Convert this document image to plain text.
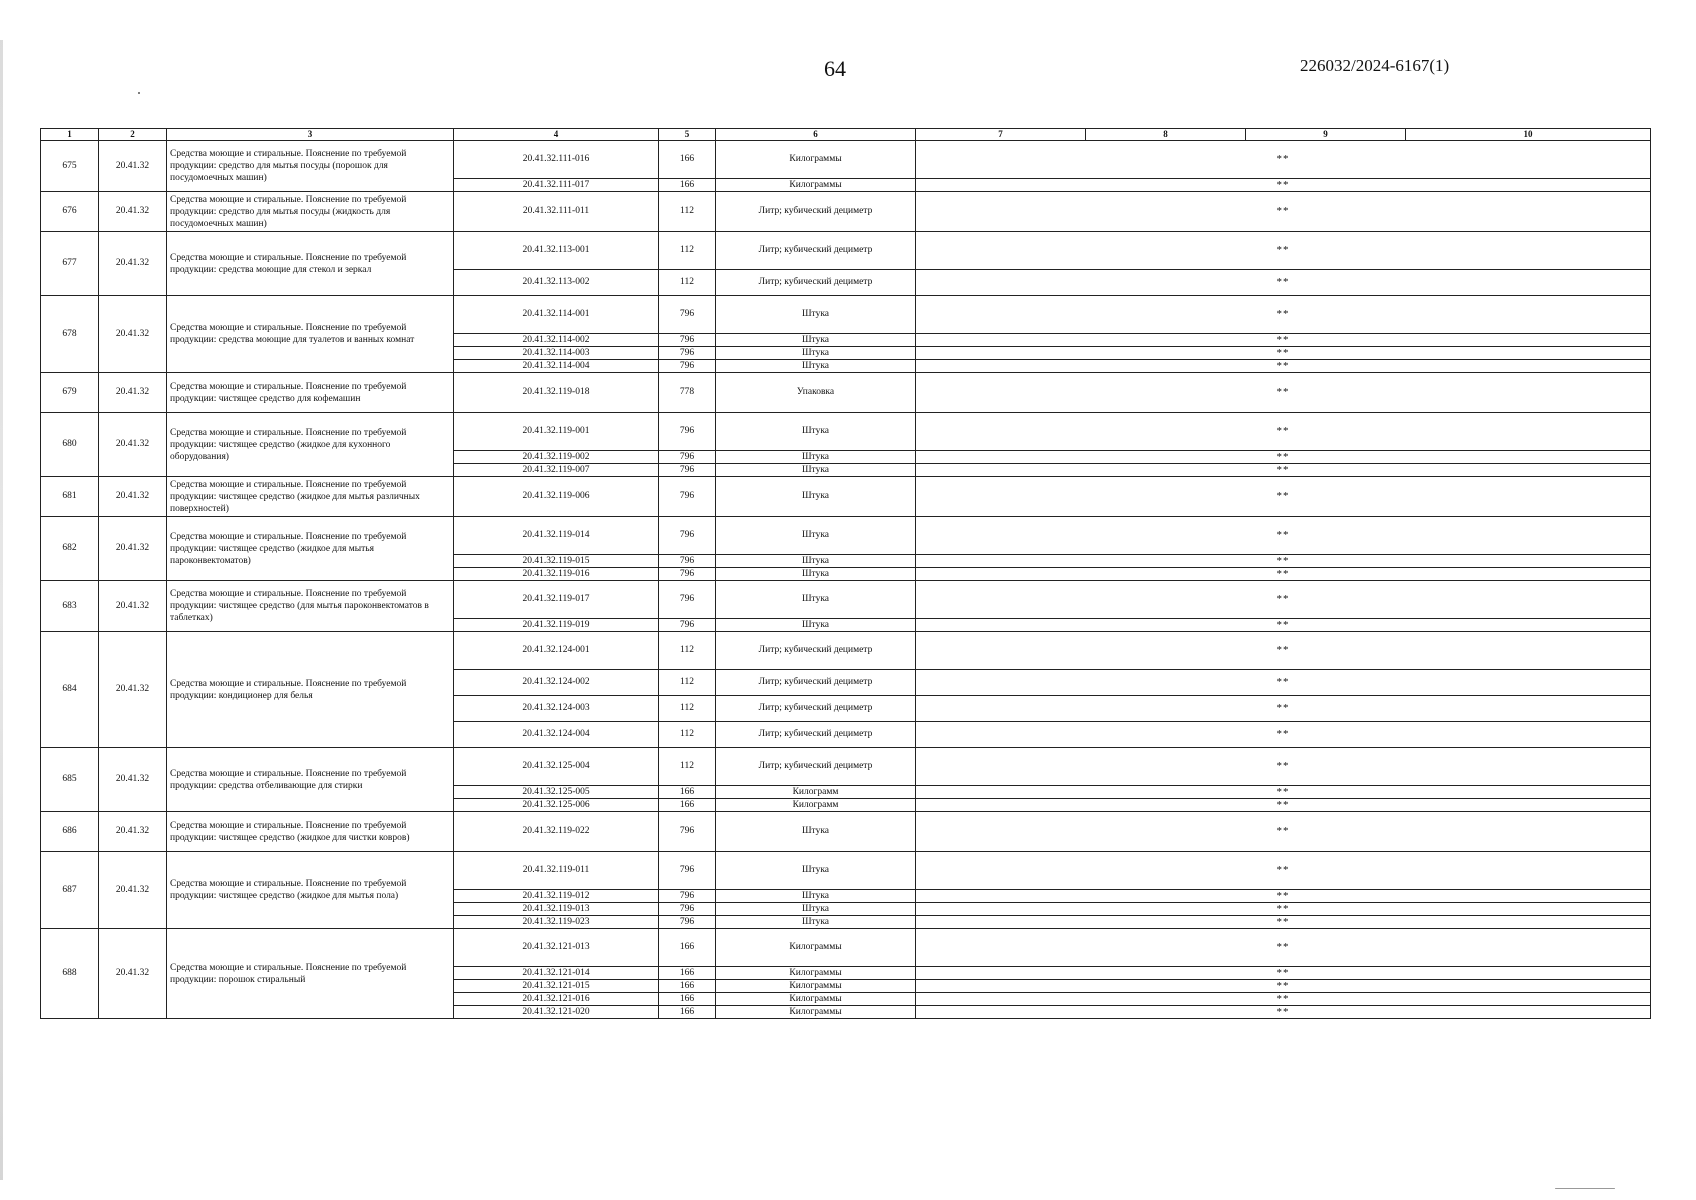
64	226032/2024-6167(1)
1	2	3	4	5	6	7	8	9	10
675	20.41.32	Средства моющие и стиральные. Пояснение по требуемой продукции: средство для мытья посуды (порошок для посудомоечных машин)	20.41.32.111-016	166	Килограммы	**			
			20.41.32.111-017	166	Килограммы	**			
676	20.41.32	Средства моющие и стиральные. Пояснение по требуемой продукции: средство для мытья посуды (жидкость для посудомоечных машин)	20.41.32.111-011	112	Литр; кубический дециметр	**			
677	20.41.32	Средства моющие и стиральные. Пояснение по требуемой продукции: средства моющие для стекол и зеркал	20.41.32.113-001	112	Литр; кубический дециметр	**			
			20.41.32.113-002	112	Литр; кубический дециметр	**			
678	20.41.32	Средства моющие и стиральные. Пояснение по требуемой продукции: средства моющие для туалетов и ванных комнат	20.41.32.114-001	796	Штука	**			
			20.41.32.114-002	796	Штука	**			
			20.41.32.114-003	796	Штука	**			
			20.41.32.114-004	796	Штука	**			
679	20.41.32	Средства моющие и стиральные. Пояснение по требуемой продукции: чистящее средство для кофемашин	20.41.32.119-018	778	Упаковка	**			
680	20.41.32	Средства моющие и стиральные. Пояснение по требуемой продукции: чистящее средство (жидкое для кухонного оборудования)	20.41.32.119-001	796	Штука	**			
			20.41.32.119-002	796	Штука	**			
			20.41.32.119-007	796	Штука	**			
681	20.41.32	Средства моющие и стиральные. Пояснение по требуемой продукции: чистящее средство (жидкое для мытья различных поверхностей)	20.41.32.119-006	796	Штука	**			
682	20.41.32	Средства моющие и стиральные. Пояснение по требуемой продукции: чистящее средство (жидкое для мытья пароконвектоматов)	20.41.32.119-014	796	Штука	**			
			20.41.32.119-015	796	Штука	**			
			20.41.32.119-016	796	Штука	**			
683	20.41.32	Средства моющие и стиральные. Пояснение по требуемой продукции: чистящее средство (для мытья пароконвектоматов в таблетках)	20.41.32.119-017	796	Штука	**			
			20.41.32.119-019	796	Штука	**			
684	20.41.32	Средства моющие и стиральные. Пояснение по требуемой продукции: кондиционер для белья	20.41.32.124-001	112	Литр; кубический дециметр	**			
			20.41.32.124-002	112	Литр; кубический дециметр	**			
			20.41.32.124-003	112	Литр; кубический дециметр	**			
			20.41.32.124-004	112	Литр; кубический дециметр	**			
685	20.41.32	Средства моющие и стиральные. Пояснение по требуемой продукции: средства отбеливающие для стирки	20.41.32.125-004	112	Литр; кубический дециметр	**			
			20.41.32.125-005	166	Килограмм	**			
			20.41.32.125-006	166	Килограмм	**			
686	20.41.32	Средства моющие и стиральные. Пояснение по требуемой продукции: чистящее средство (жидкое для чистки ковров)	20.41.32.119-022	796	Штука	**			
687	20.41.32	Средства моющие и стиральные. Пояснение по требуемой продукции: чистящее средство (жидкое для мытья пола)	20.41.32.119-011	796	Штука	**			
			20.41.32.119-012	796	Штука	**			
			20.41.32.119-013	796	Штука	**			
			20.41.32.119-023	796	Штука	**			
688	20.41.32	Средства моющие и стиральные. Пояснение по требуемой продукции: порошок стиральный	20.41.32.121-013	166	Килограммы	**			
			20.41.32.121-014	166	Килограммы	**			
			20.41.32.121-015	166	Килограммы	**			
			20.41.32.121-016	166	Килограммы	**			
			20.41.32.121-020	166	Килограммы	**			
